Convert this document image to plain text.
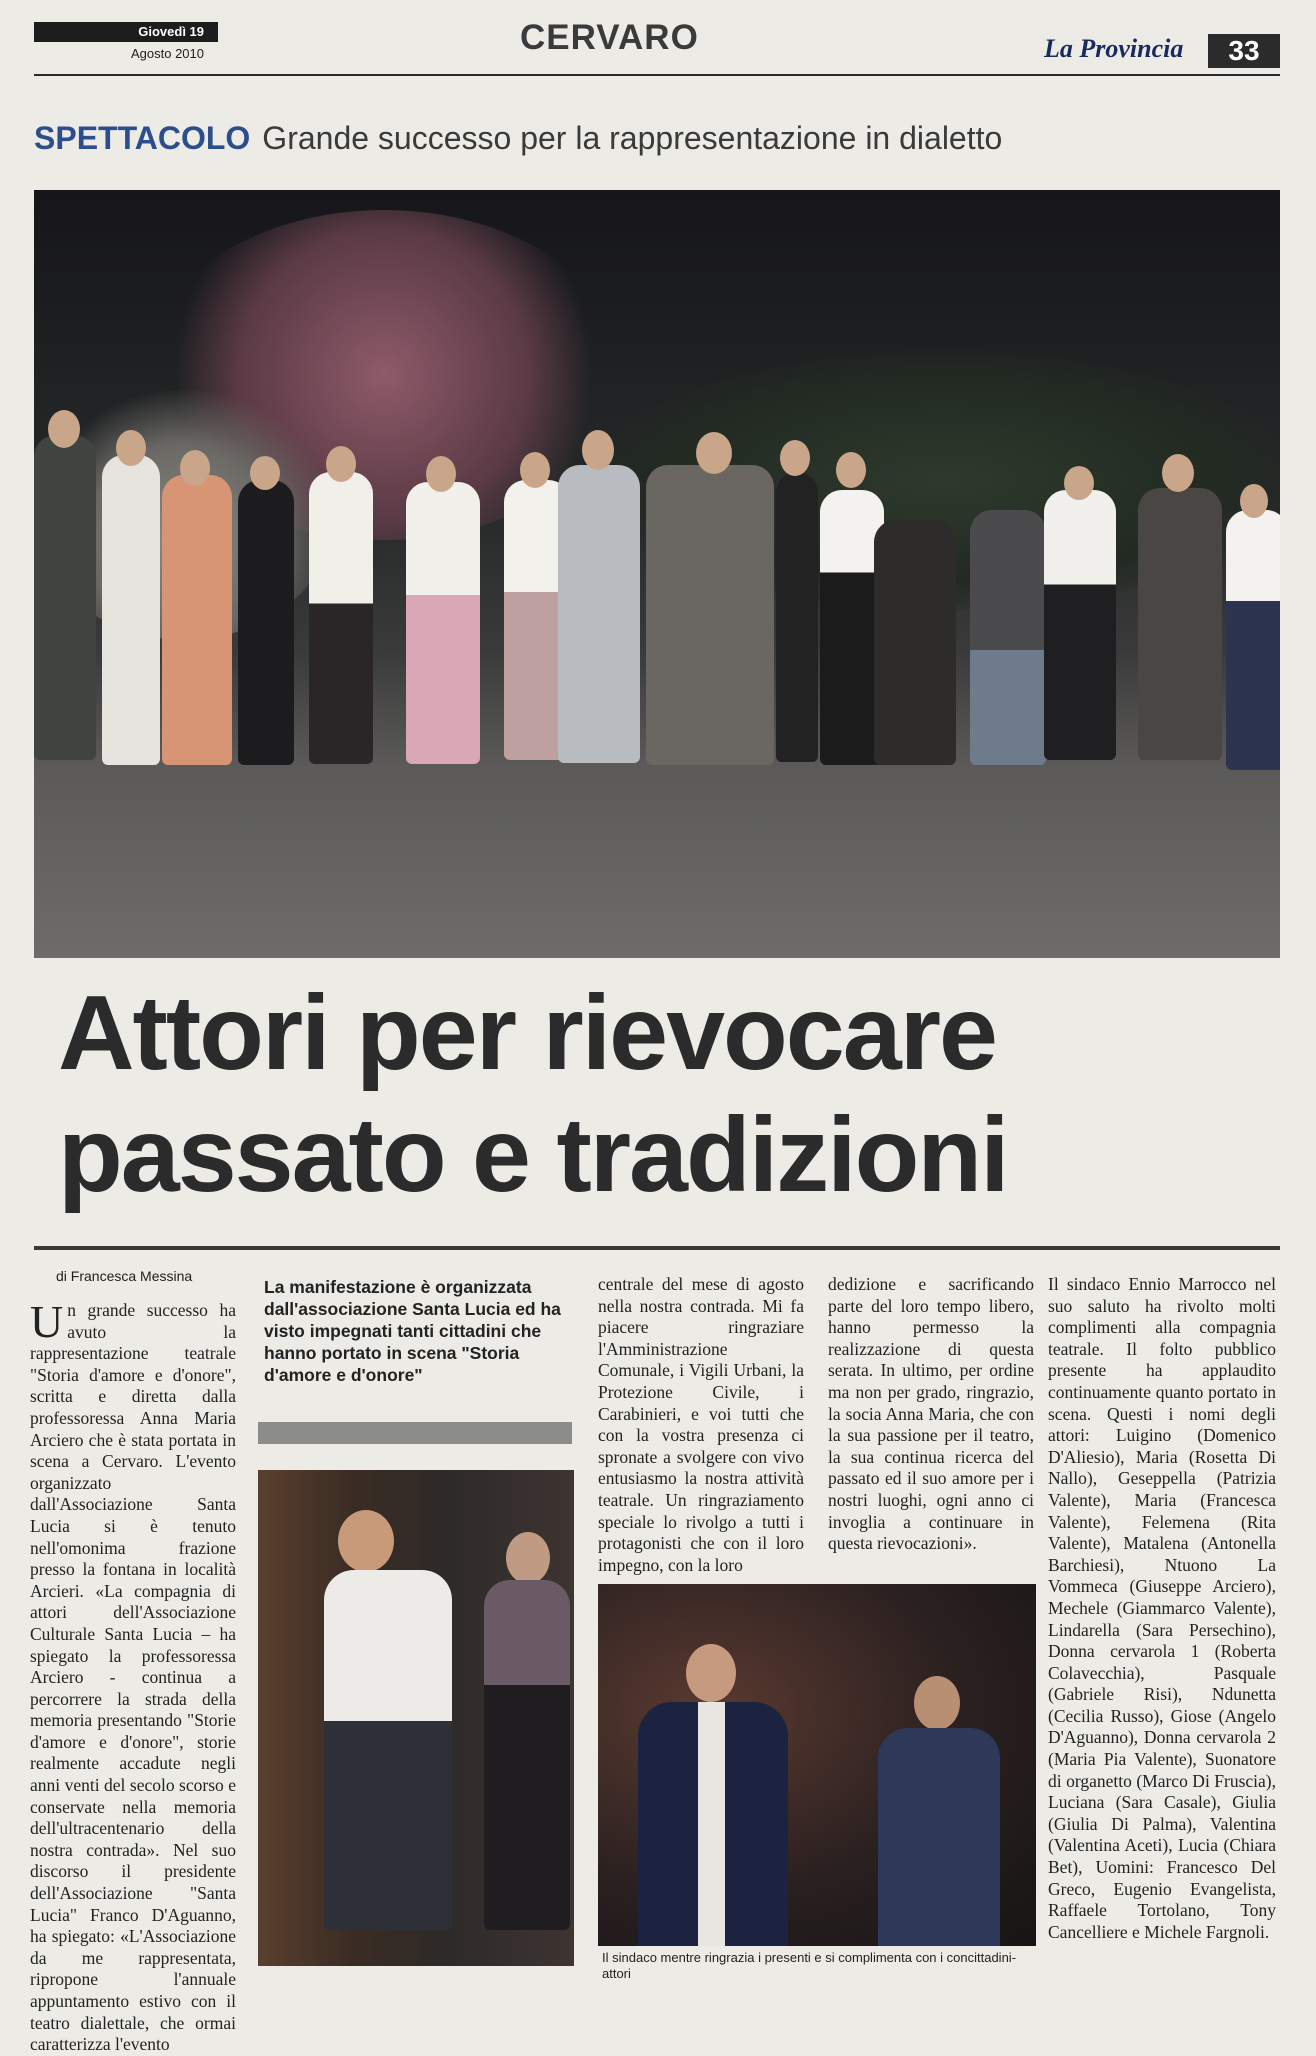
Giovedì 19
Agosto 2010	CERVARO	La Provincia	33
SPETTACOLO Grande successo per la rappresentazione in dialetto
Attori per rievocare
passato e tradizioni
di Francesca Messina
Un grande successo ha avuto la rappresentazione teatrale "Storia d'amore e d'onore", scritta e diretta dalla professoressa Anna Maria Arciero che è stata portata in scena a Cervaro. L'evento organizzato dall'Associazione Santa Lucia si è tenuto nell'omonima frazione presso la fontana in località Arcieri. «La compagnia di attori dell'Associazione Culturale Santa Lucia – ha spiegato la professoressa Arciero - continua a percorrere la strada della memoria presentando "Storie d'amore e d'onore", storie realmente accadute negli anni venti del secolo scorso e conservate nella memoria dell'ultracentenario della nostra contrada». Nel suo discorso il presidente dell'Associazione "Santa Lucia" Franco D'Aguanno, ha spiegato: «L'Associazione da me rappresentata, ripropone l'annuale appuntamento estivo con il teatro dialettale, che ormai caratterizza l'evento
La manifestazione è organizzata dall'associazione Santa Lucia ed ha visto impegnati tanti cittadini che hanno portato in scena "Storia d'amore e d'onore"
centrale del mese di agosto nella nostra contrada. Mi fa piacere ringraziare l'Amministrazione Comunale, i Vigili Urbani, la Protezione Civile, i Carabinieri, e voi tutti che con la vostra presenza ci spronate a svolgere con vivo entusiasmo la nostra attività teatrale. Un ringraziamento speciale lo rivolgo a tutti i protagonisti che con il loro impegno, con la loro
dedizione e sacrificando parte del loro tempo libero, hanno permesso la realizzazione di questa serata. In ultimo, per ordine ma non per grado, ringrazio, la socia Anna Maria, che con la sua passione per il teatro, la sua continua ricerca del passato ed il suo amore per i nostri luoghi, ogni anno ci invoglia a continuare in questa rievocazioni».
Il sindaco Ennio Marrocco nel suo saluto ha rivolto molti complimenti alla compagnia teatrale. Il folto pubblico presente ha applaudito continuamente quanto portato in scena. Questi i nomi degli attori: Luigino (Domenico D'Aliesio), Maria (Rosetta Di Nallo), Geseppella (Patrizia Valente), Maria (Francesca Valente), Felemena (Rita Valente), Matalena (Antonella Barchiesi), Ntuono La Vommeca (Giuseppe Arciero), Mechele (Giammarco Valente), Lindarella (Sara Persechino), Donna cervarola 1 (Roberta Colavecchia), Pasquale (Gabriele Risi), Ndunetta (Cecilia Russo), Giose (Angelo D'Aguanno), Donna cervarola 2 (Maria Pia Valente), Suonatore di organetto (Marco Di Fruscia), Luciana (Sara Casale), Giulia (Giulia Di Palma), Valentina (Valentina Aceti), Lucia (Chiara Bet), Uomini: Francesco Del Greco, Eugenio Evangelista, Raffaele Tortolano, Tony Cancelliere e Michele Fargnoli.
Il sindaco mentre ringrazia i presenti e si complimenta con i concittadini-attori
